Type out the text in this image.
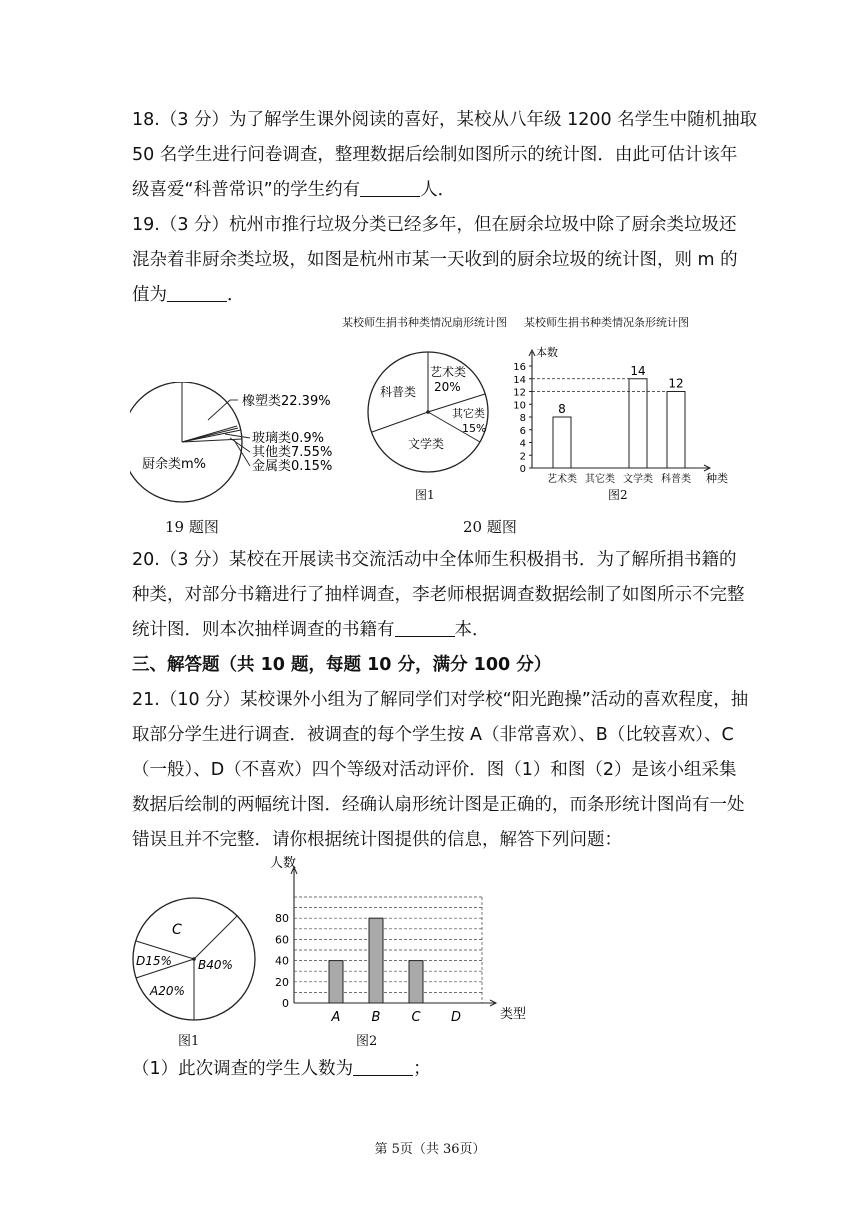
18.（3 分）为了解学生课外阅读的喜好，某校从八年级 1200 名学生中随机抽取
50 名学生进行问卷调查，整理数据后绘制如图所示的统计图．由此可估计该年
级喜爱“科普常识”的学生约有	人．
19.（3 分）杭州市推行垃圾分类已经多年，但在厨余垃圾中除了厨余类垃圾还
混杂着非厨余类垃圾，如图是杭州市某一天收到的厨余垃圾的统计图，则 m 的
值为	．
橡塑类22.39%
玻璃类0.9%
其他类7.55%
金属类0.15%
厨余类m%
19 题图
某校师生捐书种类情况扇形统计图 某校师生捐书种类情况条形统计图
艺术类
20%
科普类
其它类
15%
文学类
图1
本数
种类
0
2
4
6
8
10
12
14
16
艺术类
8
其它类 文学类
14
科普类
12
图2
20 题图
20.（3 分）某校在开展读书交流活动中全体师生积极捐书．为了解所捐书籍的
种类，对部分书籍进行了抽样调查，李老师根据调查数据绘制了如图所示不完整
统计图．则本次抽样调查的书籍有	本．
三、解答题（共 10 题，每题 10 分，满分 100 分）
21.（10 分）某校课外小组为了解同学们对学校“阳光跑操”活动的喜欢程度，抽
取部分学生进行调查．被调查的每个学生按 A（非常喜欢）、B（比较喜欢）、C
（一般）、D（不喜欢）四个等级对活动评价．图（1）和图（2）是该小组采集
数据后绘制的两幅统计图．经确认扇形统计图是正确的，而条形统计图尚有一处
错误且并不完整．请你根据统计图提供的信息，解答下列问题：
C
D15% B40%
A20%
图1
人数
类型
0
20
40
60
80
A B C D
图2
（1）此次调查的学生人数为	；
第 5页（共 36页）
